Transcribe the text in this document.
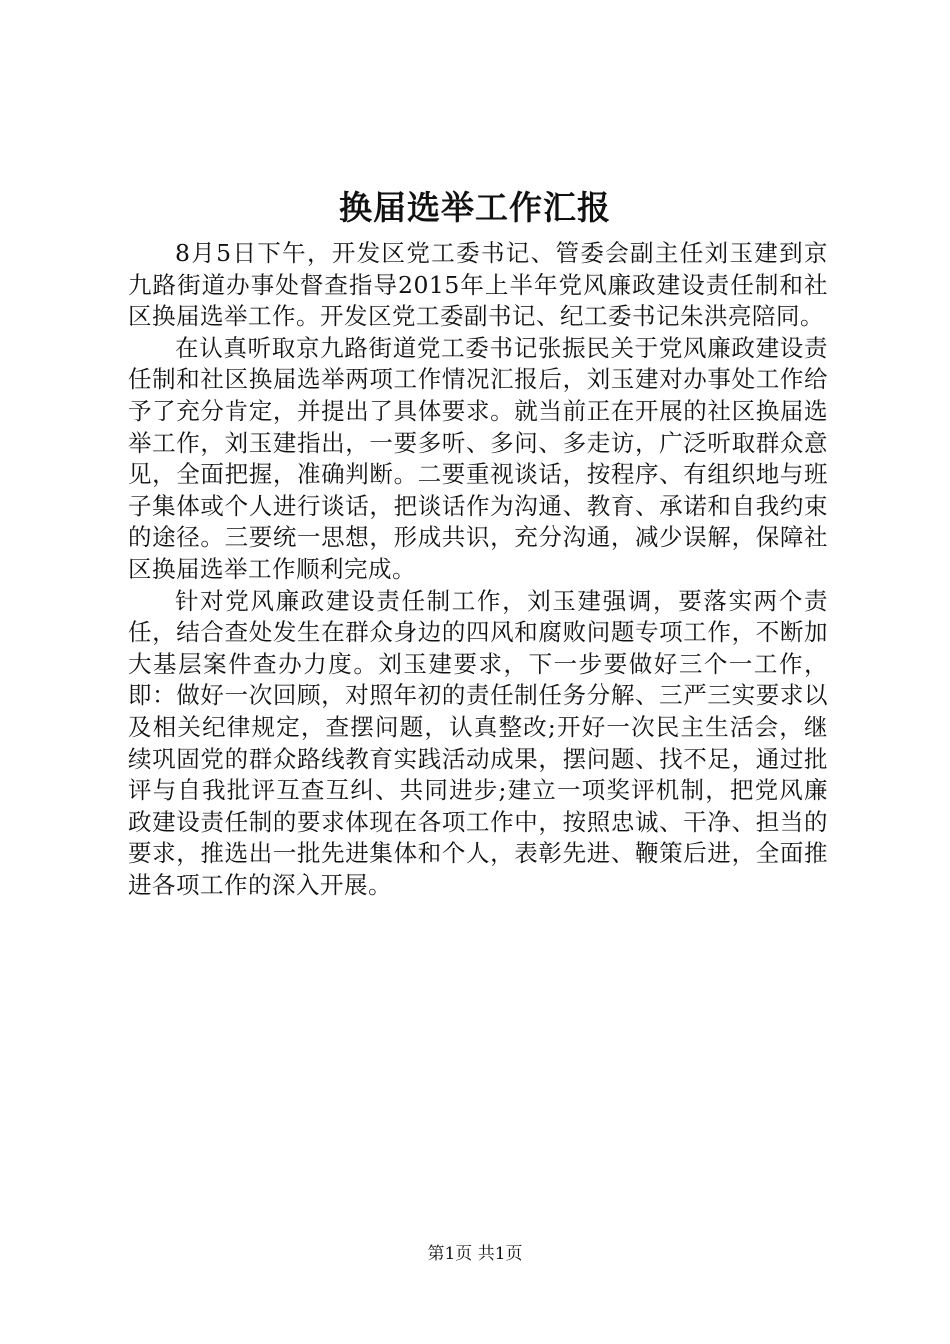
换届选举工作汇报

8月5日下午，开发区党工委书记、管委会副主任刘玉建到京九路街道办事处督查指导2015年上半年党风廉政建设责任制和社区换届选举工作。开发区党工委副书记、纪工委书记朱洪亮陪同。

在认真听取京九路街道党工委书记张振民关于党风廉政建设责任制和社区换届选举两项工作情况汇报后，刘玉建对办事处工作给予了充分肯定，并提出了具体要求。就当前正在开展的社区换届选举工作，刘玉建指出，一要多听、多问、多走访，广泛听取群众意见，全面把握，准确判断。二要重视谈话，按程序、有组织地与班子集体或个人进行谈话，把谈话作为沟通、教育、承诺和自我约束的途径。三要统一思想，形成共识，充分沟通，减少误解，保障社区换届选举工作顺利完成。

针对党风廉政建设责任制工作，刘玉建强调，要落实两个责任，结合查处发生在群众身边的四风和腐败问题专项工作，不断加大基层案件查办力度。刘玉建要求，下一步要做好三个一工作，即：做好一次回顾，对照年初的责任制任务分解、三严三实要求以及相关纪律规定，查摆问题，认真整改;开好一次民主生活会，继续巩固党的群众路线教育实践活动成果，摆问题、找不足，通过批评与自我批评互查互纠、共同进步;建立一项奖评机制，把党风廉政建设责任制的要求体现在各项工作中，按照忠诚、干净、担当的要求，推选出一批先进集体和个人，表彰先进、鞭策后进，全面推进各项工作的深入开展。

第1页 共1页
